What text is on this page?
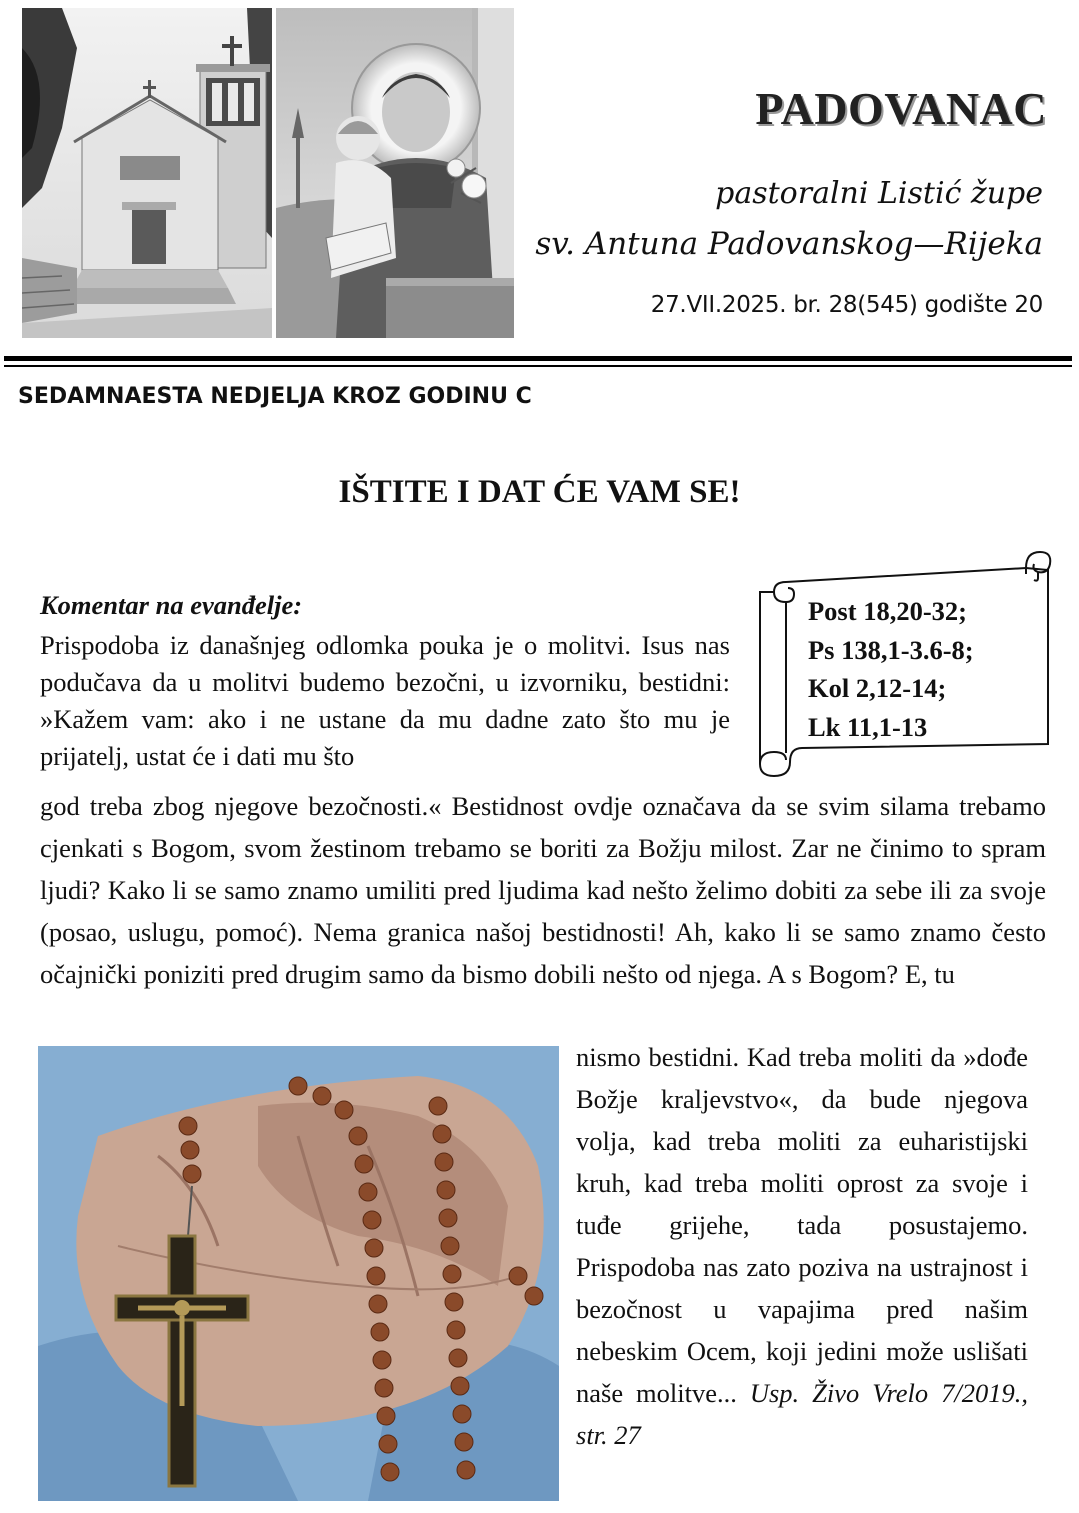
PADOVANAC
pastoralni Listić župe
sv. Antuna Padovanskog—Rijeka
27.VII.2025. br. 28(545) godište 20
SEDAMNAESTA NEDJELJA KROZ GODINU C
IŠTITE I DAT ĆE VAM SE!
Post 18,20-32;
Ps 138,1-3.6-8;
Kol 2,12-14;
Lk 11,1-13
Komentar na evanđelje:
Prispodoba iz današnjeg odlomka pouka je o molitvi. Isus nas podučava da u molitvi budemo bezočni, u izvorniku, bestidni: »Kažem vam: ako i ne ustane da mu dadne zato što mu je prijatelj, ustat će i dati mu što
god treba zbog njegove bezočnosti.« Bestidnost ovdje označava da se svim silama trebamo cjenkati s Bogom, svom žestinom trebamo se boriti za Božju milost. Zar ne činimo to spram ljudi? Kako li se samo znamo umiliti pred ljudima kad nešto želimo dobiti za sebe ili za svoje (posao, uslugu, pomoć). Nema granica našoj bestidnosti! Ah, kako li se samo znamo često očajnički poniziti pred drugim samo da bismo dobili nešto od njega. A s Bogom? E, tu
nismo bestidni. Kad treba moliti da »dođe Božje kraljevstvo«, da bude njegova volja, kad treba moliti za euharistijski kruh, kad treba moliti oprost za svoje i tuđe grijehe, tada posustajemo. Prispodoba nas zato poziva na ustrajnost i bezočnost u vapajima pred našim nebeskim Ocem, koji jedini može uslišati naše molitve... Usp. Živo Vrelo 7/2019., str. 27
